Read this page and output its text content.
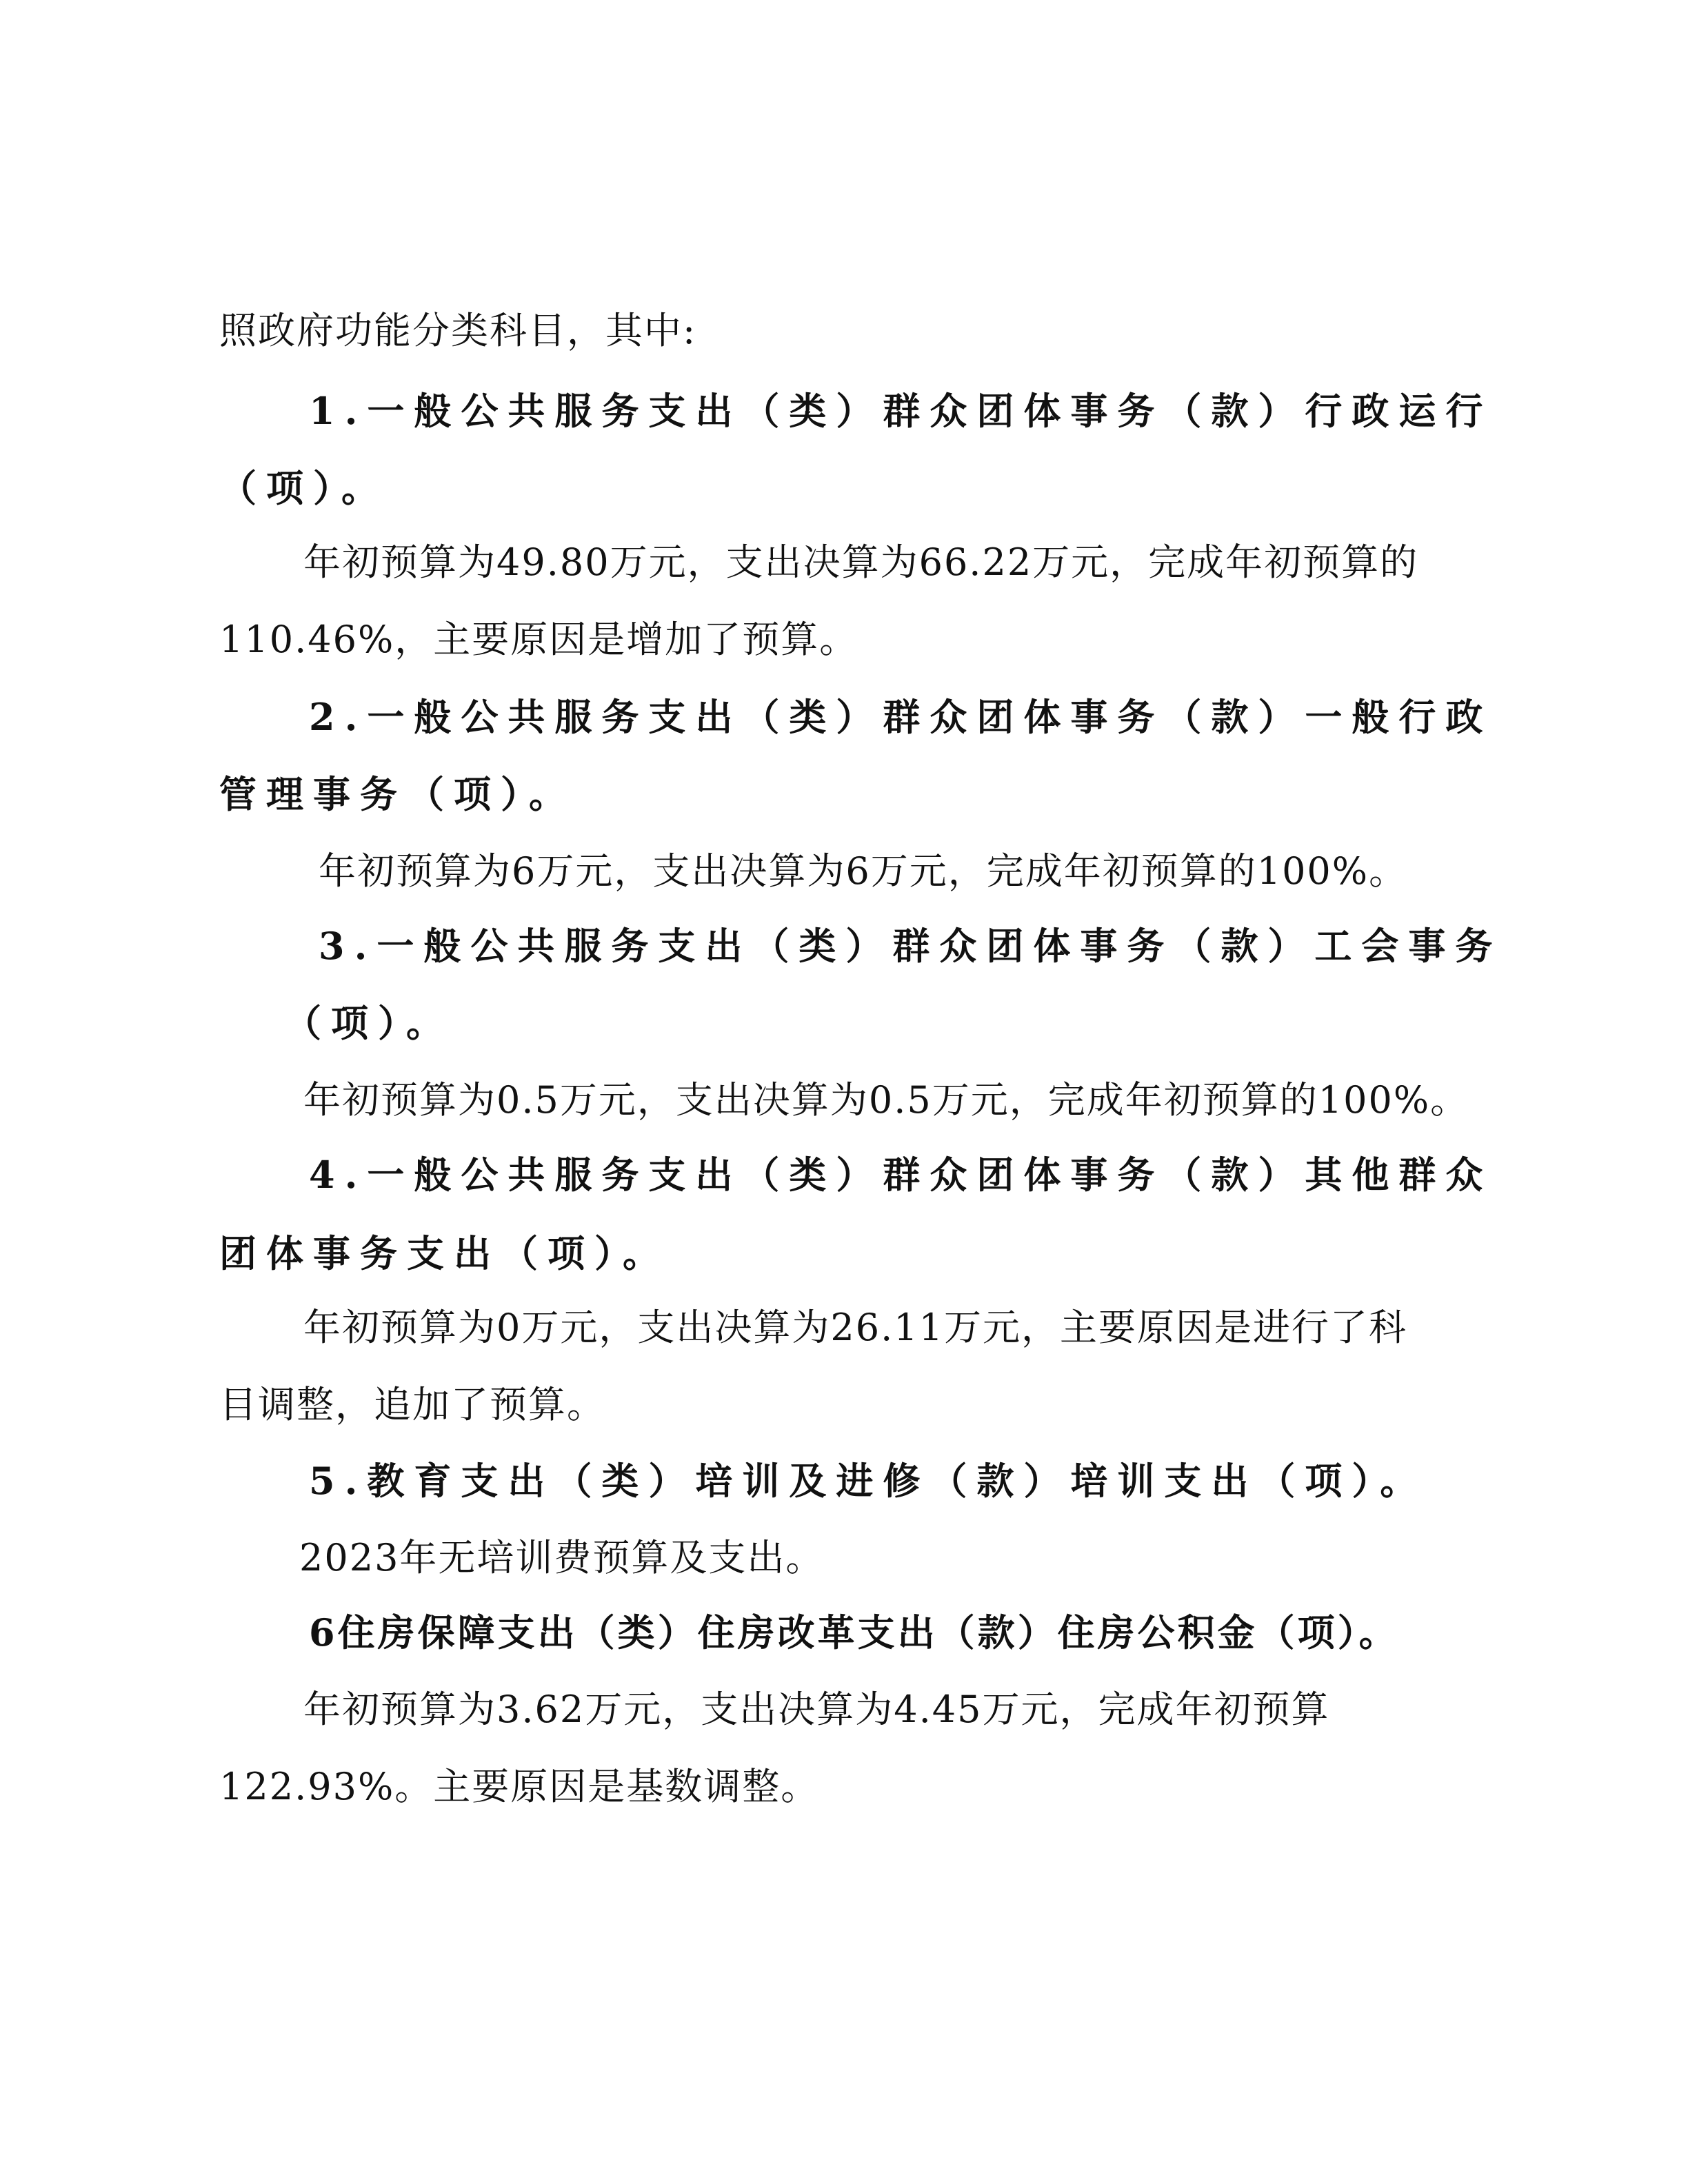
照政府功能分类科目，其中:
1.一般公共服务支出（类）群众团体事务（款）行政运行
（项）。
年初预算为49.80万元，支出决算为66.22万元，完成年初预算的
110.46%，主要原因是增加了预算。
2.一般公共服务支出（类）群众团体事务（款）一般行政
管理事务（项）。
年初预算为6万元，支出决算为6万元，完成年初预算的100%。
3.一般公共服务支出（类）群众团体事务（款）工会事务
（项）。
年初预算为0.5万元，支出决算为0.5万元，完成年初预算的100%。
4.一般公共服务支出（类）群众团体事务（款）其他群众
团体事务支出（项）。
年初预算为0万元，支出决算为26.11万元，主要原因是进行了科
目调整，追加了预算。
5.教育支出（类）培训及进修（款）培训支出（项）。
2023年无培训费预算及支出。
6住房保障支出（类）住房改革支出（款）住房公积金（项）。
年初预算为3.62万元，支出决算为4.45万元，完成年初预算
122.93%。主要原因是基数调整。
